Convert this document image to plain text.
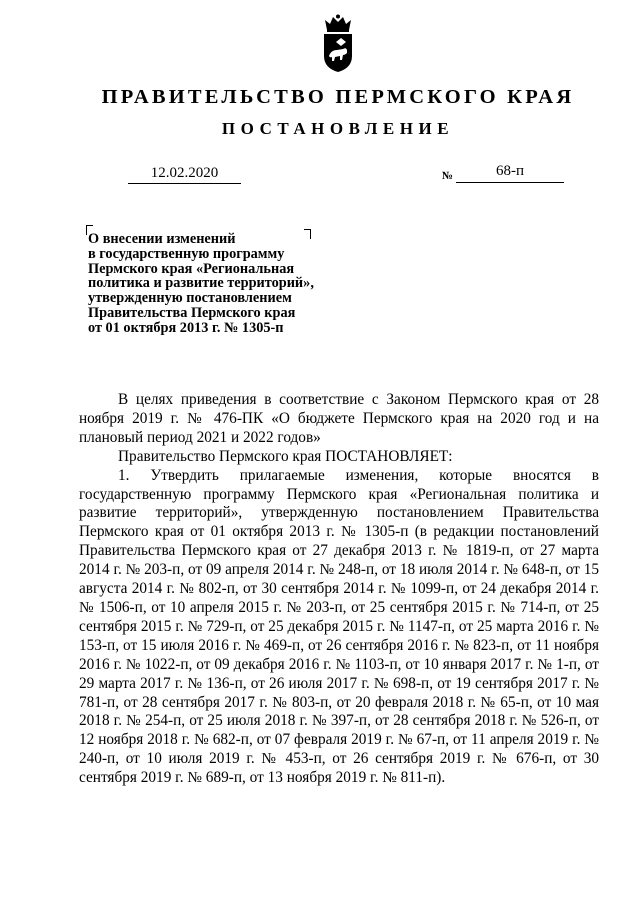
ПРАВИТЕЛЬСТВО ПЕРМСКОГО КРАЯ
ПОСТАНОВЛЕНИЕ
12.02.2020	№	68-п
О внесении изменений
в государственную программу
Пермского края «Региональная
политика и развитие территорий»,
утвержденную постановлением
Правительства Пермского края
от 01 октября 2013 г. № 1305-п

В целях приведения в соответствие с Законом Пермского края от 28 ноября 2019 г. № 476-ПК «О бюджете Пермского края на 2020 год и на плановый период 2021 и 2022 годов»

Правительство Пермского края ПОСТАНОВЛЯЕТ:

1. Утвердить прилагаемые изменения, которые вносятся в государственную программу Пермского края «Региональная политика и развитие территорий», утвержденную постановлением Правительства Пермского края от 01 октября 2013 г. № 1305-п (в редакции постановлений Правительства Пермского края от 27 декабря 2013 г. № 1819-п, от 27 марта 2014 г. № 203-п, от 09 апреля 2014 г. № 248-п, от 18 июля 2014 г. № 648-п, от 15 августа 2014 г. № 802-п, от 30 сентября 2014 г. № 1099-п, от 24 декабря 2014 г. № 1506-п, от 10 апреля 2015 г. № 203-п, от 25 сентября 2015 г. № 714-п, от 25 сентября 2015 г. № 729-п, от 25 декабря 2015 г. № 1147-п, от 25 марта 2016 г. № 153-п, от 15 июля 2016 г. № 469-п, от 26 сентября 2016 г. № 823-п, от 11 ноября 2016 г. № 1022-п, от 09 декабря 2016 г. № 1103-п, от 10 января 2017 г. № 1-п, от 29 марта 2017 г. № 136-п, от 26 июля 2017 г. № 698-п, от 19 сентября 2017 г. № 781-п, от 28 сентября 2017 г. № 803-п, от 20 февраля 2018 г. № 65-п, от 10 мая 2018 г. № 254-п, от 25 июля 2018 г. № 397-п, от 28 сентября 2018 г. № 526-п, от 12 ноября 2018 г. № 682-п, от 07 февраля 2019 г. № 67-п, от 11 апреля 2019 г. № 240-п, от 10 июля 2019 г. № 453-п, от 26 сентября 2019 г. № 676-п, от 30 сентября 2019 г. № 689-п, от 13 ноября 2019 г. № 811-п).
